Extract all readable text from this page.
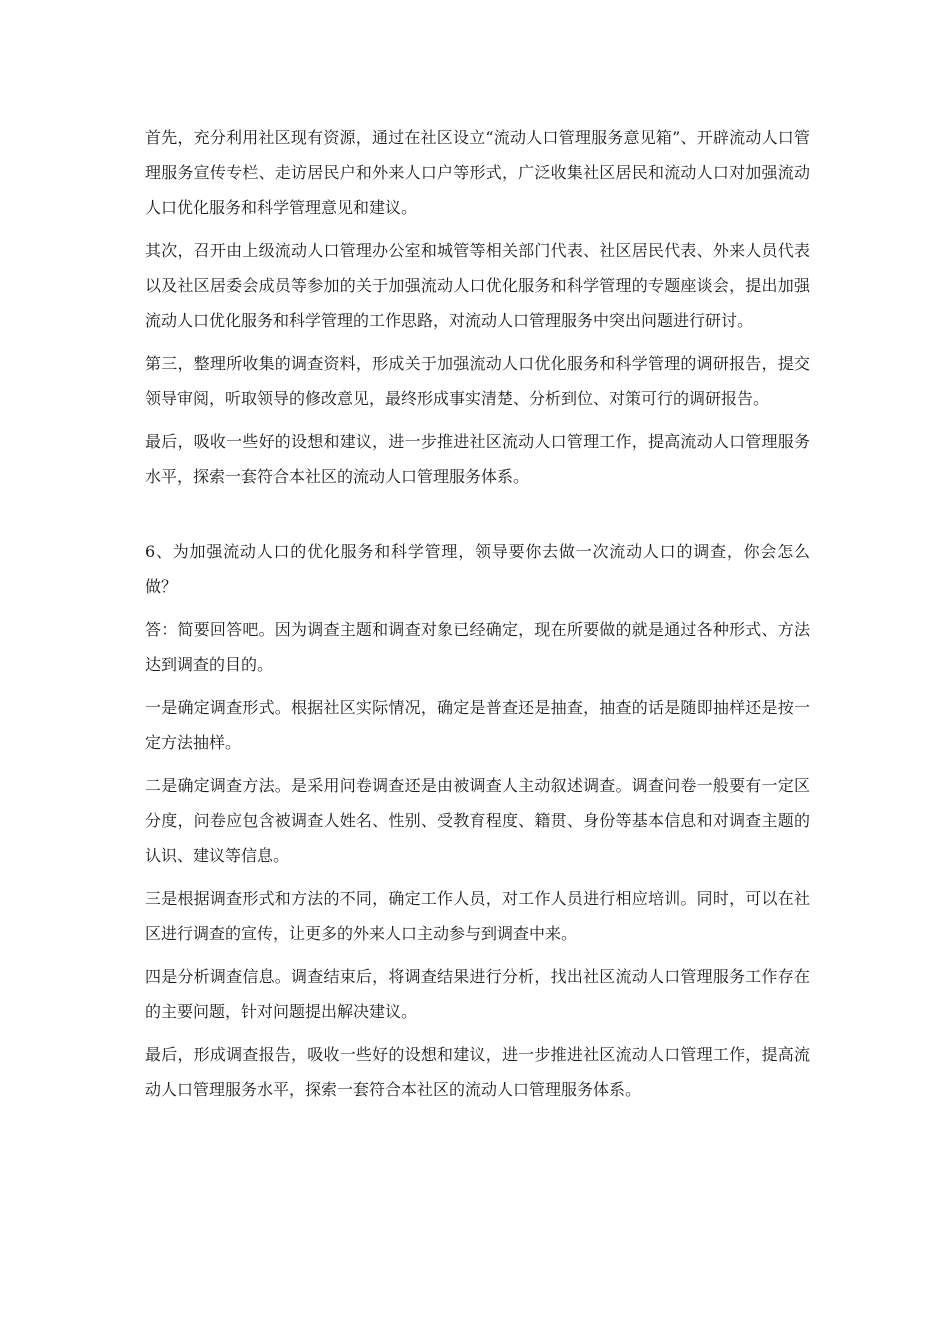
首先，充分利用社区现有资源，通过在社区设立“流动人口管理服务意见箱”、开辟流动人口管理服务宣传专栏、走访居民户和外来人口户等形式，广泛收集社区居民和流动人口对加强流动人口优化服务和科学管理意见和建议。

其次，召开由上级流动人口管理办公室和城管等相关部门代表、社区居民代表、外来人员代表以及社区居委会成员等参加的关于加强流动人口优化服务和科学管理的专题座谈会，提出加强流动人口优化服务和科学管理的工作思路，对流动人口管理服务中突出问题进行研讨。

第三，整理所收集的调查资料，形成关于加强流动人口优化服务和科学管理的调研报告，提交领导审阅，听取领导的修改意见，最终形成事实清楚、分析到位、对策可行的调研报告。

最后，吸收一些好的设想和建议，进一步推进社区流动人口管理工作，提高流动人口管理服务水平，探索一套符合本社区的流动人口管理服务体系。

6、为加强流动人口的优化服务和科学管理，领导要你去做一次流动人口的调查，你会怎么做？

答：简要回答吧。因为调查主题和调查对象已经确定，现在所要做的就是通过各种形式、方法达到调查的目的。

一是确定调查形式。根据社区实际情况，确定是普查还是抽查，抽查的话是随即抽样还是按一定方法抽样。

二是确定调查方法。是采用问卷调查还是由被调查人主动叙述调查。调查问卷一般要有一定区分度，问卷应包含被调查人姓名、性别、受教育程度、籍贯、身份等基本信息和对调查主题的认识、建议等信息。

三是根据调查形式和方法的不同，确定工作人员，对工作人员进行相应培训。同时，可以在社区进行调查的宣传，让更多的外来人口主动参与到调查中来。

四是分析调查信息。调查结束后，将调查结果进行分析，找出社区流动人口管理服务工作存在的主要问题，针对问题提出解决建议。

最后，形成调查报告，吸收一些好的设想和建议，进一步推进社区流动人口管理工作，提高流动人口管理服务水平，探索一套符合本社区的流动人口管理服务体系。
